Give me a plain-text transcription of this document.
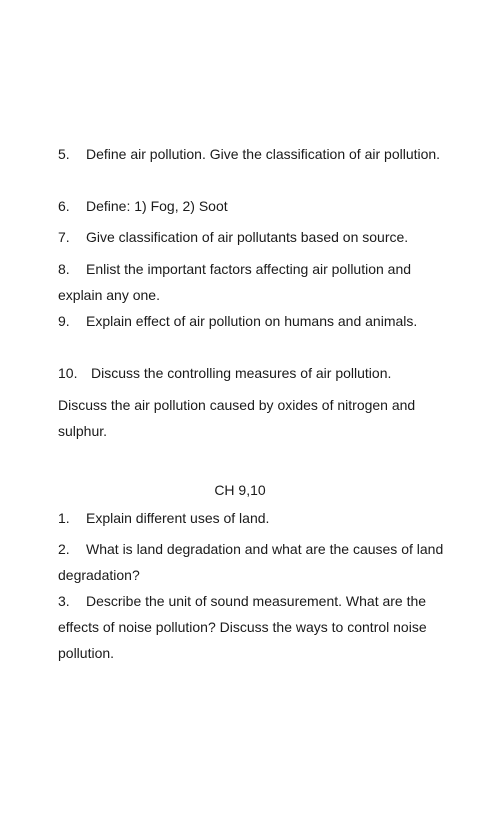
5. Define air pollution. Give the classification of air pollution.

6. Define: 1) Fog, 2) Soot

7. Give classification of air pollutants based on source.

8. Enlist the important factors affecting air pollution and explain any one.

9. Explain effect of air pollution on humans and animals.

10. Discuss the controlling measures of air pollution.

Discuss the air pollution caused by oxides of nitrogen and sulphur.

CH 9,10

1. Explain different uses of land.

2. What is land degradation and what are the causes of land degradation?

3. Describe the unit of sound measurement. What are the effects of noise pollution? Discuss the ways to control noise pollution.
